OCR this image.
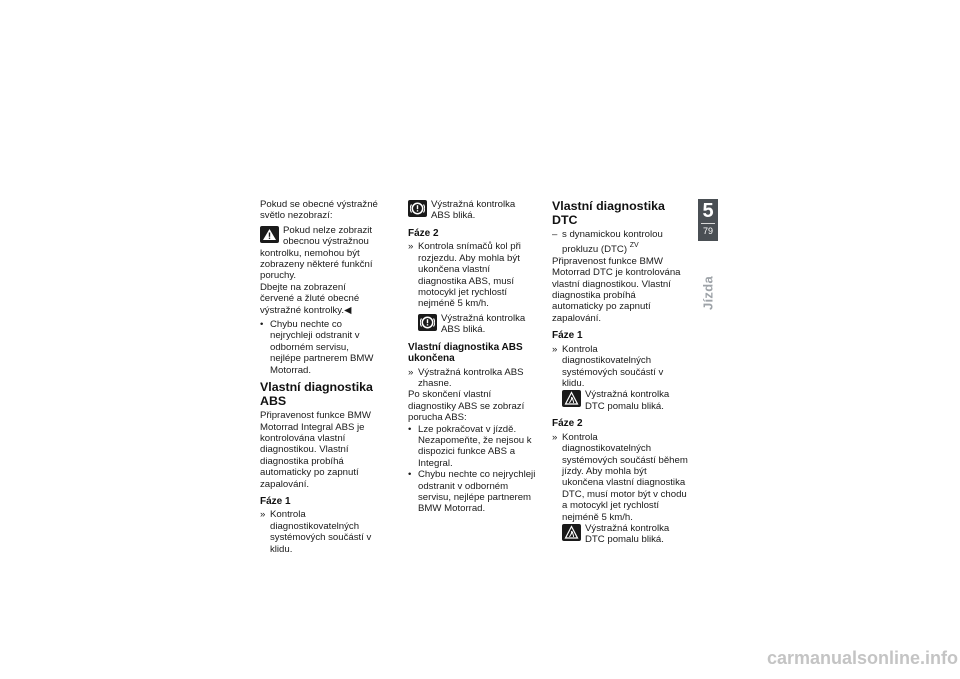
Pokud se obecné výstražné světlo nezobrazí:

Pokud nelze zobrazit obecnou výstražnou kontrolku, nemohou být zobrazeny některé funkční poruchy.

Dbejte na zobrazení červené a žluté obecné výstražné kontrolky.◀

• Chybu nechte co nejrychleji odstranit v odborném servisu, nejlépe partnerem BMW Motorrad.
Vlastní diagnostika ABS

Připravenost funkce BMW Motorrad Integral ABS je kontrolována vlastní diagnostikou. Vlastní diagnostika probíhá automaticky po zapnutí zapalování.

Fáze 1
» Kontrola diagnostikovatelných systémových součástí v klidu.
Výstražná kontrolka ABS bliká.
Fáze 2
» Kontrola snímačů kol při rozjezdu. Aby mohla být ukončena vlastní diagnostika ABS, musí motocykl jet rychlostí nejméně 5 km/h.
Výstražná kontrolka ABS bliká.
Vlastní diagnostika ABS ukončena
» Výstražná kontrolka ABS zhasne.

Po skončení vlastní diagnostiky ABS se zobrazí porucha ABS:

• Lze pokračovat v jízdě. Nezapomeňte, že nejsou k dispozici funkce ABS a Integral.
• Chybu nechte co nejrychleji odstranit v odborném servisu, nejlépe partnerem BMW Motorrad.
Vlastní diagnostika DTC
– s dynamickou kontrolou prokluzu (DTC) $^{ZV}$

Připravenost funkce BMW Motorrad DTC je kontrolována vlastní diagnostikou. Vlastní diagnostika probíhá automaticky po zapnutí zapalování.

Fáze 1
» Kontrola diagnostikovatelných systémových součástí v klidu.
Výstražná kontrolka DTC pomalu bliká.
Fáze 2
» Kontrola diagnostikovatelných systémových součástí během jízdy. Aby mohla být ukončena vlastní diagnostika DTC, musí motor být v chodu a motocykl jet rychlostí nejméně 5 km/h.
Výstražná kontrolka DTC pomalu bliká.
5
79
Jízda
carmanualsonline.info
